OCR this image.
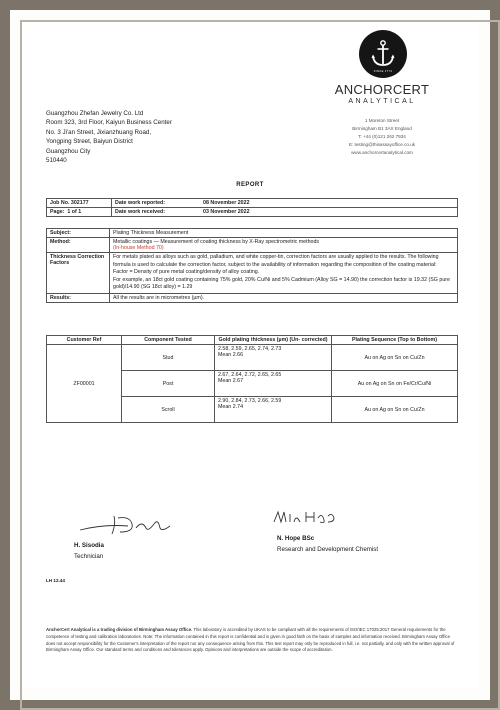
SINCE 1773
ANCHORCERT
ANALYTICAL
1 Moreton Street
Birmingham B1 3AX England
T: +44 (0)121 262 7934
E: testing@thisassayoffice.co.uk
www.anchorcertanalytical.com
Guangzhou Zhefan Jewelry Co. Ltd
Room 323, 3rd Floor, Kaiyun Business Center
No. 3 Ji'an Street, Jixianzhuang Road,
Yongping Street, Baiyun District
Guangzhou City
510440
REPORT
Job No. 302177	Date work reported:	08 November 2022
Page: 1 of 1	Date work received:	03 November 2022
Subject:	Plating Thickness Measurement
Method:	Metallic coatings — Measurement of coating thickness by X-Ray spectrometric methods
(In-house Method 70)

Thickness Correction Factors	For metals plated as alloys such as gold, palladium, and white copper-tin, correction factors are usually applied to the results. The following formula is used to calculate the correction factor, subject to the availability of information regarding the composition of the coating material:
Factor = Density of pure metal coating/density of alloy coating.
For example, an 18ct gold coating containing 75% gold, 20% Cu/Ni and 5% Cadmium (Alloy SG = 14.90) the correction factor is 19.32 (SG pure gold)/14.90 (SG 18ct alloy) = 1.29

Results:	All the results are in micrometres (µm).
Customer Ref	Component Tested	Gold plating thickness (µm) (Un- corrected)	Plating Sequence (Top to Bottom)
ZF00001	Stud	2.58, 2.59, 2.65, 2.74, 2.73
Mean 2.66	Au on Ag on Sn on Cu/Zn
	Post	2.67, 2.64, 2.72, 2.65, 2.65
Mean 2.67	Au on Ag on Sn on Fe/Cr/Cu/Ni
	Scroll	2.90, 2.84, 2.73, 2.66, 2.59
Mean 2.74	Au on Ag on Sn on Cu/Zn
H. Sisodia
Technician
N. Hope BSc
Research and Development Chemist
LH 12.44
AnchorCert Analytical is a trading division of Birmingham Assay Office. This laboratory is accredited by UKAS to be compliant with all the requirements of ISO/IEC 17025:2017 General requirements for the competence of testing and calibration laboratories. Note: The information contained in this report is confidential and is given in good faith on the basis of samples and information received. Birmingham Assay Office does not accept responsibility for the Customer's interpretation of the report nor any consequence arising from this. This test report may only be reproduced in full, i.e. not partially, and only with the written approval of Birmingham Assay Office. Our standard terms and conditions and tolerances apply. Opinions and interpretations are outside the scope of accreditation.
